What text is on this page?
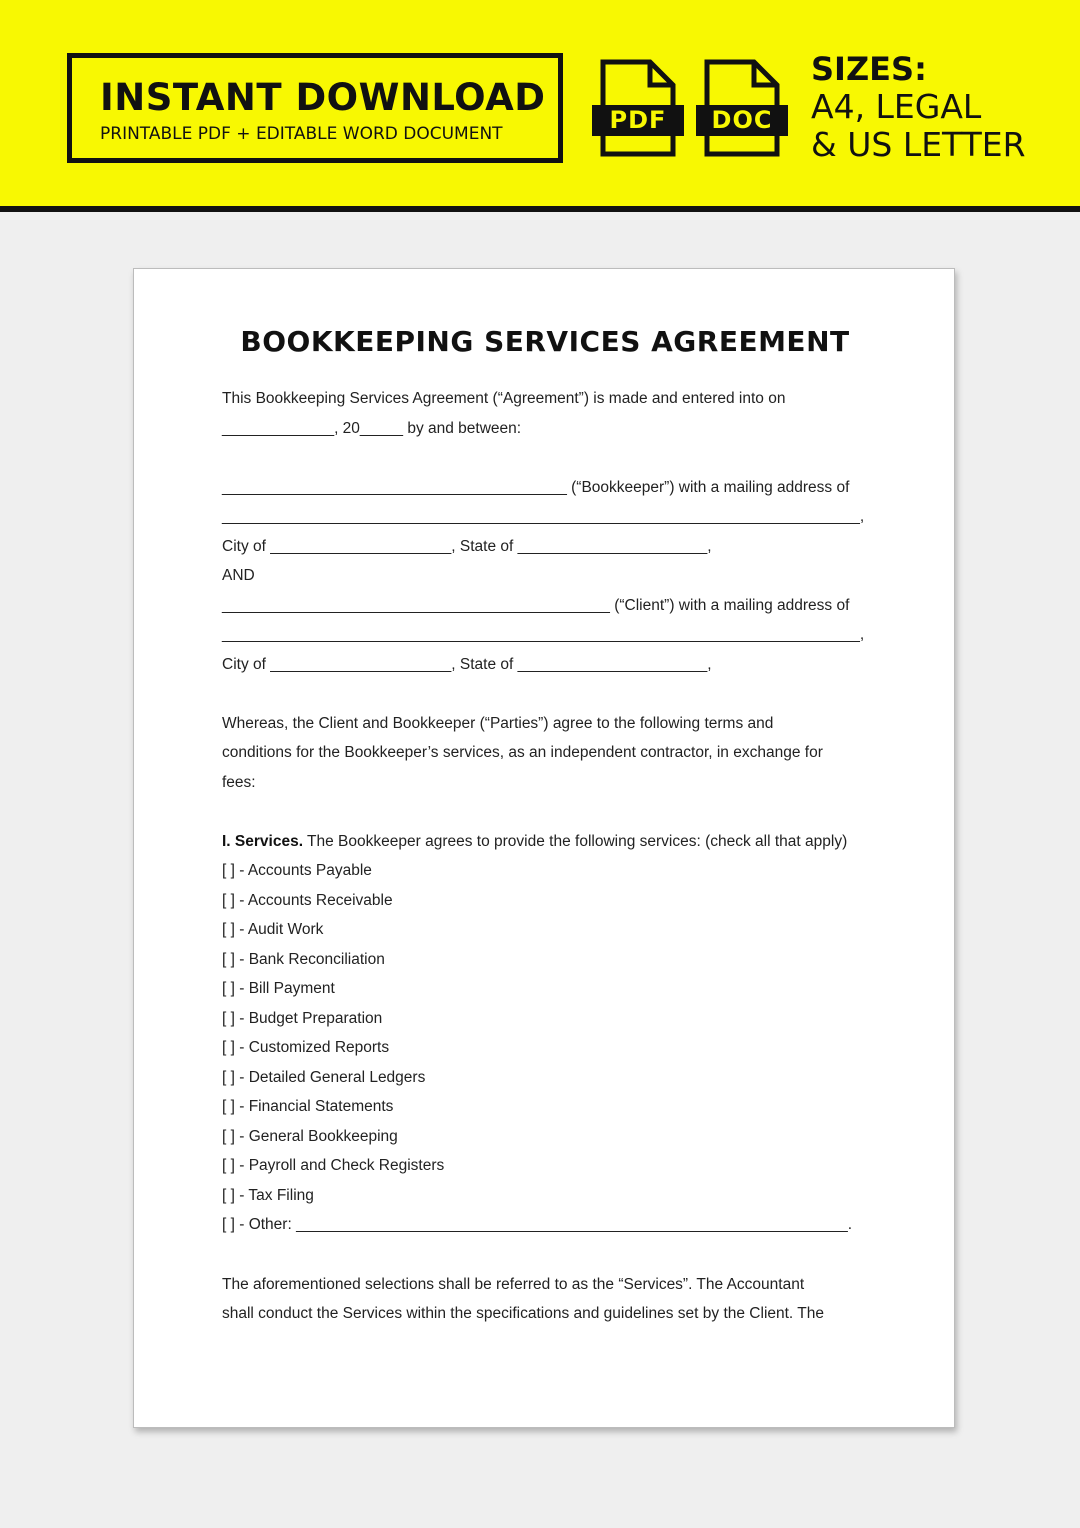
INSTANT DOWNLOAD
PRINTABLE PDF + EDITABLE WORD DOCUMENT	PDF	DOC
SIZES:
A4, LEGAL
& US LETTER
BOOKKEEPING SERVICES AGREEMENT
This Bookkeeping Services Agreement (“Agreement”) is made and entered into on
_____________, 20_____ by and between:
________________________________________ (“Bookkeeper”) with a mailing address of
__________________________________________________________________________,
City of _____________________, State of ______________________,
AND
_____________________________________________ (“Client”) with a mailing address of
__________________________________________________________________________,
City of _____________________, State of ______________________,
Whereas, the Client and Bookkeeper (“Parties”) agree to the following terms and
conditions for the Bookkeeper’s services, as an independent contractor, in exchange for
fees:
I. Services. The Bookkeeper agrees to provide the following services: (check all that apply)
[ ] - Accounts Payable
[ ] - Accounts Receivable
[ ] - Audit Work
[ ] - Bank Reconciliation
[ ] - Bill Payment
[ ] - Budget Preparation
[ ] - Customized Reports
[ ] - Detailed General Ledgers
[ ] - Financial Statements
[ ] - General Bookkeeping
[ ] - Payroll and Check Registers
[ ] - Tax Filing
[ ] - Other: ________________________________________________________________.
The aforementioned selections shall be referred to as the “Services”. The Accountant
shall conduct the Services within the specifications and guidelines set by the Client. The
